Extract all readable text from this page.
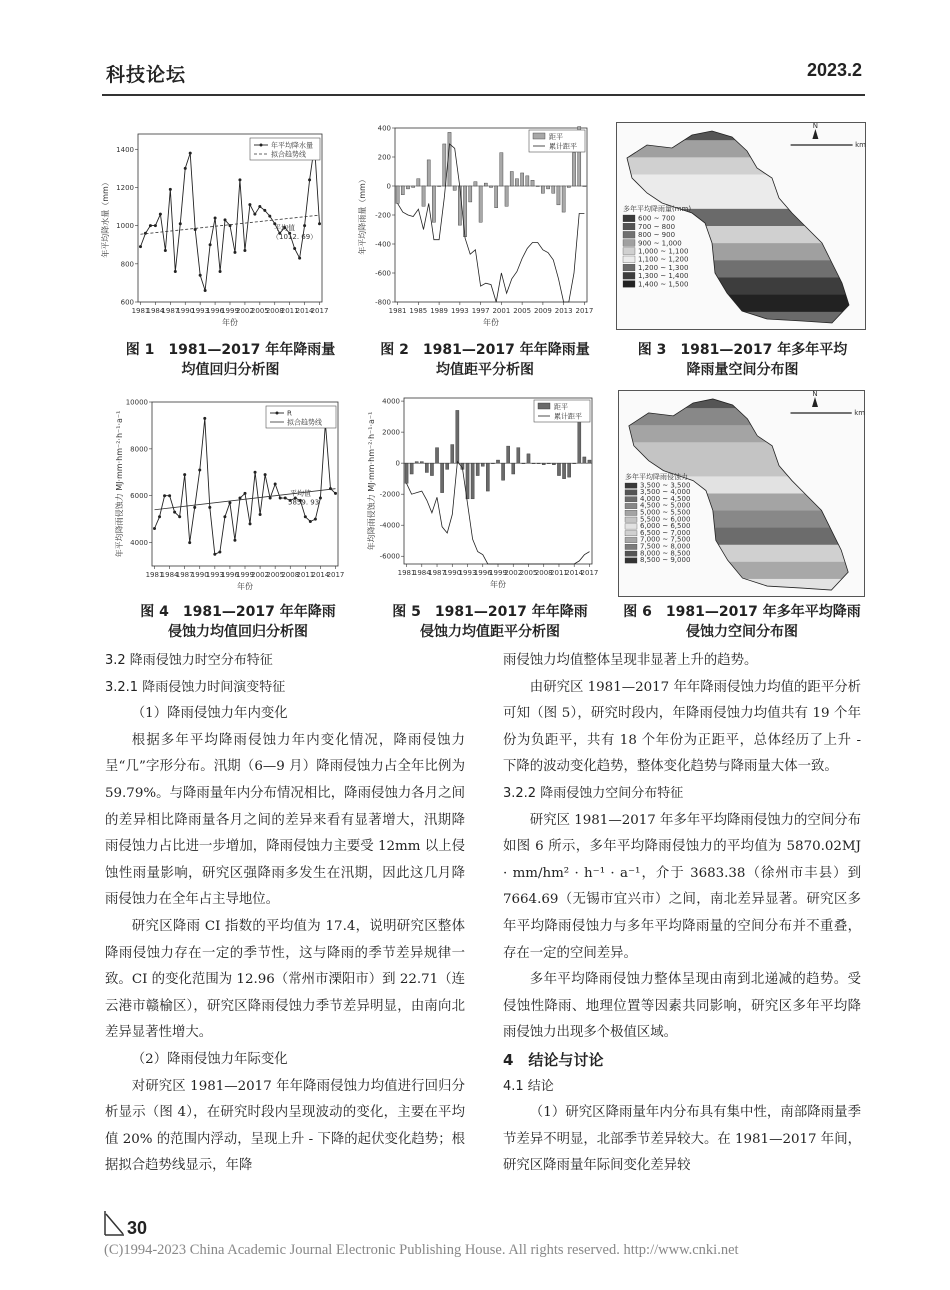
科技论坛	2023.2
600
800
1000
1200
1400
1981
1984
1987
1990
1993
1996
1999
2002
2005
2008
2011
2014
2017
年份
年平均降水量（mm）	平均值
（1012. 69）
年平均降水量
拟合趋势线
图 1　1981—2017 年年降雨量
均值回归分析图
400
200
0
-200
-400
-600
-800
1981 1985 1989 1993 1997 2001 2005 2009 2013 2017
年份
年平均降雨量（mm）
距平
累计距平
图 2　1981—2017 年年降雨量
均值距平分析图
N
km
多年平均降雨量(mm)
600 ~ 700
700 ~ 800
800 ~ 900
900 ~ 1,000
1,000 ~ 1,100
1,100 ~ 1,200
1,200 ~ 1,300
1,300 ~ 1,400
1,400 ~ 1,500
图 3　1981—2017 年多年平均
降雨量空间分布图
4000
6000
8000
10000
1981
1984
1987
1990
1993
1996
1999
2002
2005
2008
2011
2014
2017
年份
年平均降雨侵蚀力 MJ·mm·hm⁻²·h⁻¹·a⁻¹	平均值
5859. 93
R
拟合趋势线
图 4　1981—2017 年年降雨
侵蚀力均值回归分析图
4000
2000
0
-2000
-4000
-6000
1981
1984
1987
1990
1993
1996
1999
2002
2005
2008
2011
2014
2017
年份
年均降雨侵蚀力 MJ·mm·hm⁻²·h⁻¹·a⁻¹
距平
累计距平
图 5　1981—2017 年年降雨
侵蚀力均值距平分析图
N
km
多年平均降雨侵蚀力
3,500 ~ 3,500
3,500 ~ 4,000
4,000 ~ 4,500
4,500 ~ 5,000
5,000 ~ 5,500
5,500 ~ 6,000
6,000 ~ 6,500
6,500 ~ 7,000
7,000 ~ 7,500
7,500 ~ 8,000
8,000 ~ 8,500
8,500 ~ 9,000
图 6　1981—2017 年多年平均降雨
侵蚀力空间分布图

3.2 降雨侵蚀力时空分布特征

3.2.1 降雨侵蚀力时间演变特征

（1）降雨侵蚀力年内变化

根据多年平均降雨侵蚀力年内变化情况，降雨侵蚀力呈“几”字形分布。汛期（6—9 月）降雨侵蚀力占全年比例为 59.79%。与降雨量年内分布情况相比，降雨侵蚀力各月之间的差异相比降雨量各月之间的差异来看有显著增大，汛期降雨侵蚀力占比进一步增加，降雨侵蚀力主要受 12mm 以上侵蚀性雨量影响，研究区强降雨多发生在汛期，因此这几月降雨侵蚀力在全年占主导地位。

研究区降雨 CI 指数的平均值为 17.4，说明研究区整体降雨侵蚀力存在一定的季节性，这与降雨的季节差异规律一致。CI 的变化范围为 12.96（常州市溧阳市）到 22.71（连云港市赣榆区），研究区降雨侵蚀力季节差异明显，由南向北差异显著性增大。

（2）降雨侵蚀力年际变化

对研究区 1981—2017 年年降雨侵蚀力均值进行回归分析显示（图 4），在研究时段内呈现波动的变化，主要在平均值 20% 的范围内浮动，呈现上升 - 下降的起伏变化趋势；根据拟合趋势线显示，年降

雨侵蚀力均值整体呈现非显著上升的趋势。

由研究区 1981—2017 年年降雨侵蚀力均值的距平分析可知（图 5），研究时段内，年降雨侵蚀力均值共有 19 个年份为负距平，共有 18 个年份为正距平，总体经历了上升 - 下降的波动变化趋势，整体变化趋势与降雨量大体一致。

3.2.2 降雨侵蚀力空间分布特征

研究区 1981—2017 年多年平均降雨侵蚀力的空间分布如图 6 所示，多年平均降雨侵蚀力的平均值为 5870.02MJ · mm/hm² · h⁻¹ · a⁻¹，介于 3683.38（徐州市丰县）到 7664.69（无锡市宜兴市）之间，南北差异显著。研究区多年平均降雨侵蚀力与多年平均降雨量的空间分布并不重叠，存在一定的空间差异。

多年平均降雨侵蚀力整体呈现由南到北递减的趋势。受侵蚀性降雨、地理位置等因素共同影响，研究区多年平均降雨侵蚀力出现多个极值区域。

4　结论与讨论

4.1 结论

（1）研究区降雨量年内分布具有集中性，南部降雨量季节差异不明显，北部季节差异较大。在 1981—2017 年间，研究区降雨量年际间变化差异较

30
(C)1994-2023 China Academic Journal Electronic Publishing House. All rights reserved. http://www.cnki.net
